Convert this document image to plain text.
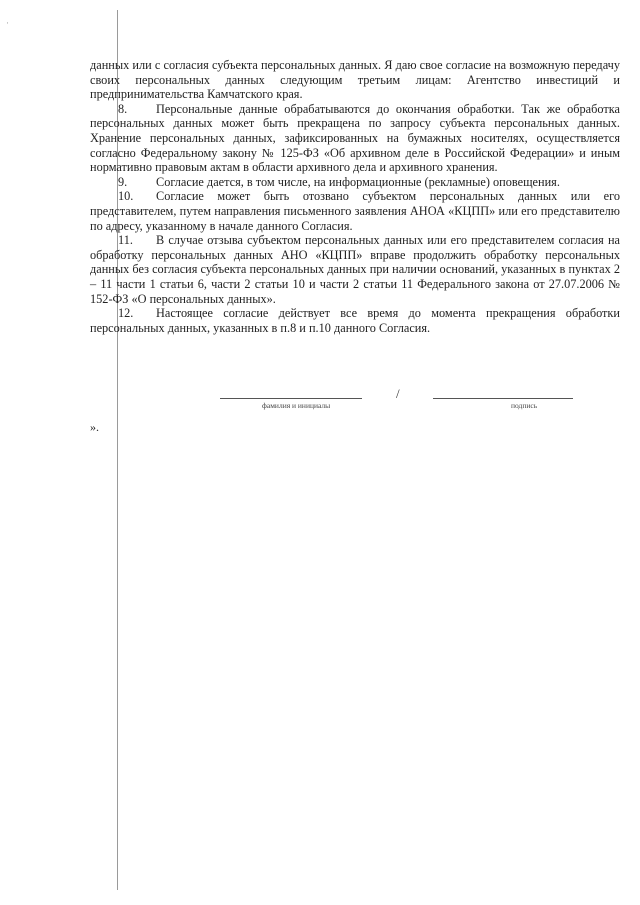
·

данных или с согласия субъекта персональных данных. Я даю свое согласие на возможную передачу своих персональных данных следующим третьим лицам: Агентство инвестиций и предпринимательства Камчатского края.

8. Персональные данные обрабатываются до окончания обработки. Так же обработка персональных данных может быть прекращена по запросу субъекта персональных данных. Хранение персональных данных, зафиксированных на бумажных носителях, осуществляется согласно Федеральному закону № 125-ФЗ «Об архивном деле в Российской Федерации» и иным нормативно правовым актам в области архивного дела и архивного хранения.

9. Согласие дается, в том числе, на информационные (рекламные) оповещения.

10. Согласие может быть отозвано субъектом персональных данных или его представителем, путем направления письменного заявления АНОА «КЦПП» или его представителю по адресу, указанному в начале данного Согласия.

11. В случае отзыва субъектом персональных данных или его представителем согласия на обработку персональных данных АНО «КЦПП» вправе продолжить обработку персональных данных без согласия субъекта персональных данных при наличии оснований, указанных в пунктах 2 – 11 части 1 статьи 6, части 2 статьи 10 и части 2 статьи 11 Федерального закона от 27.07.2006 № 152-ФЗ «О персональных данных».

12. Настоящее согласие действует все время до момента прекращения обработки персональных данных, указанных в п.8 и п.10 данного Согласия.

/
фамилия и инициалы	подпись
».
